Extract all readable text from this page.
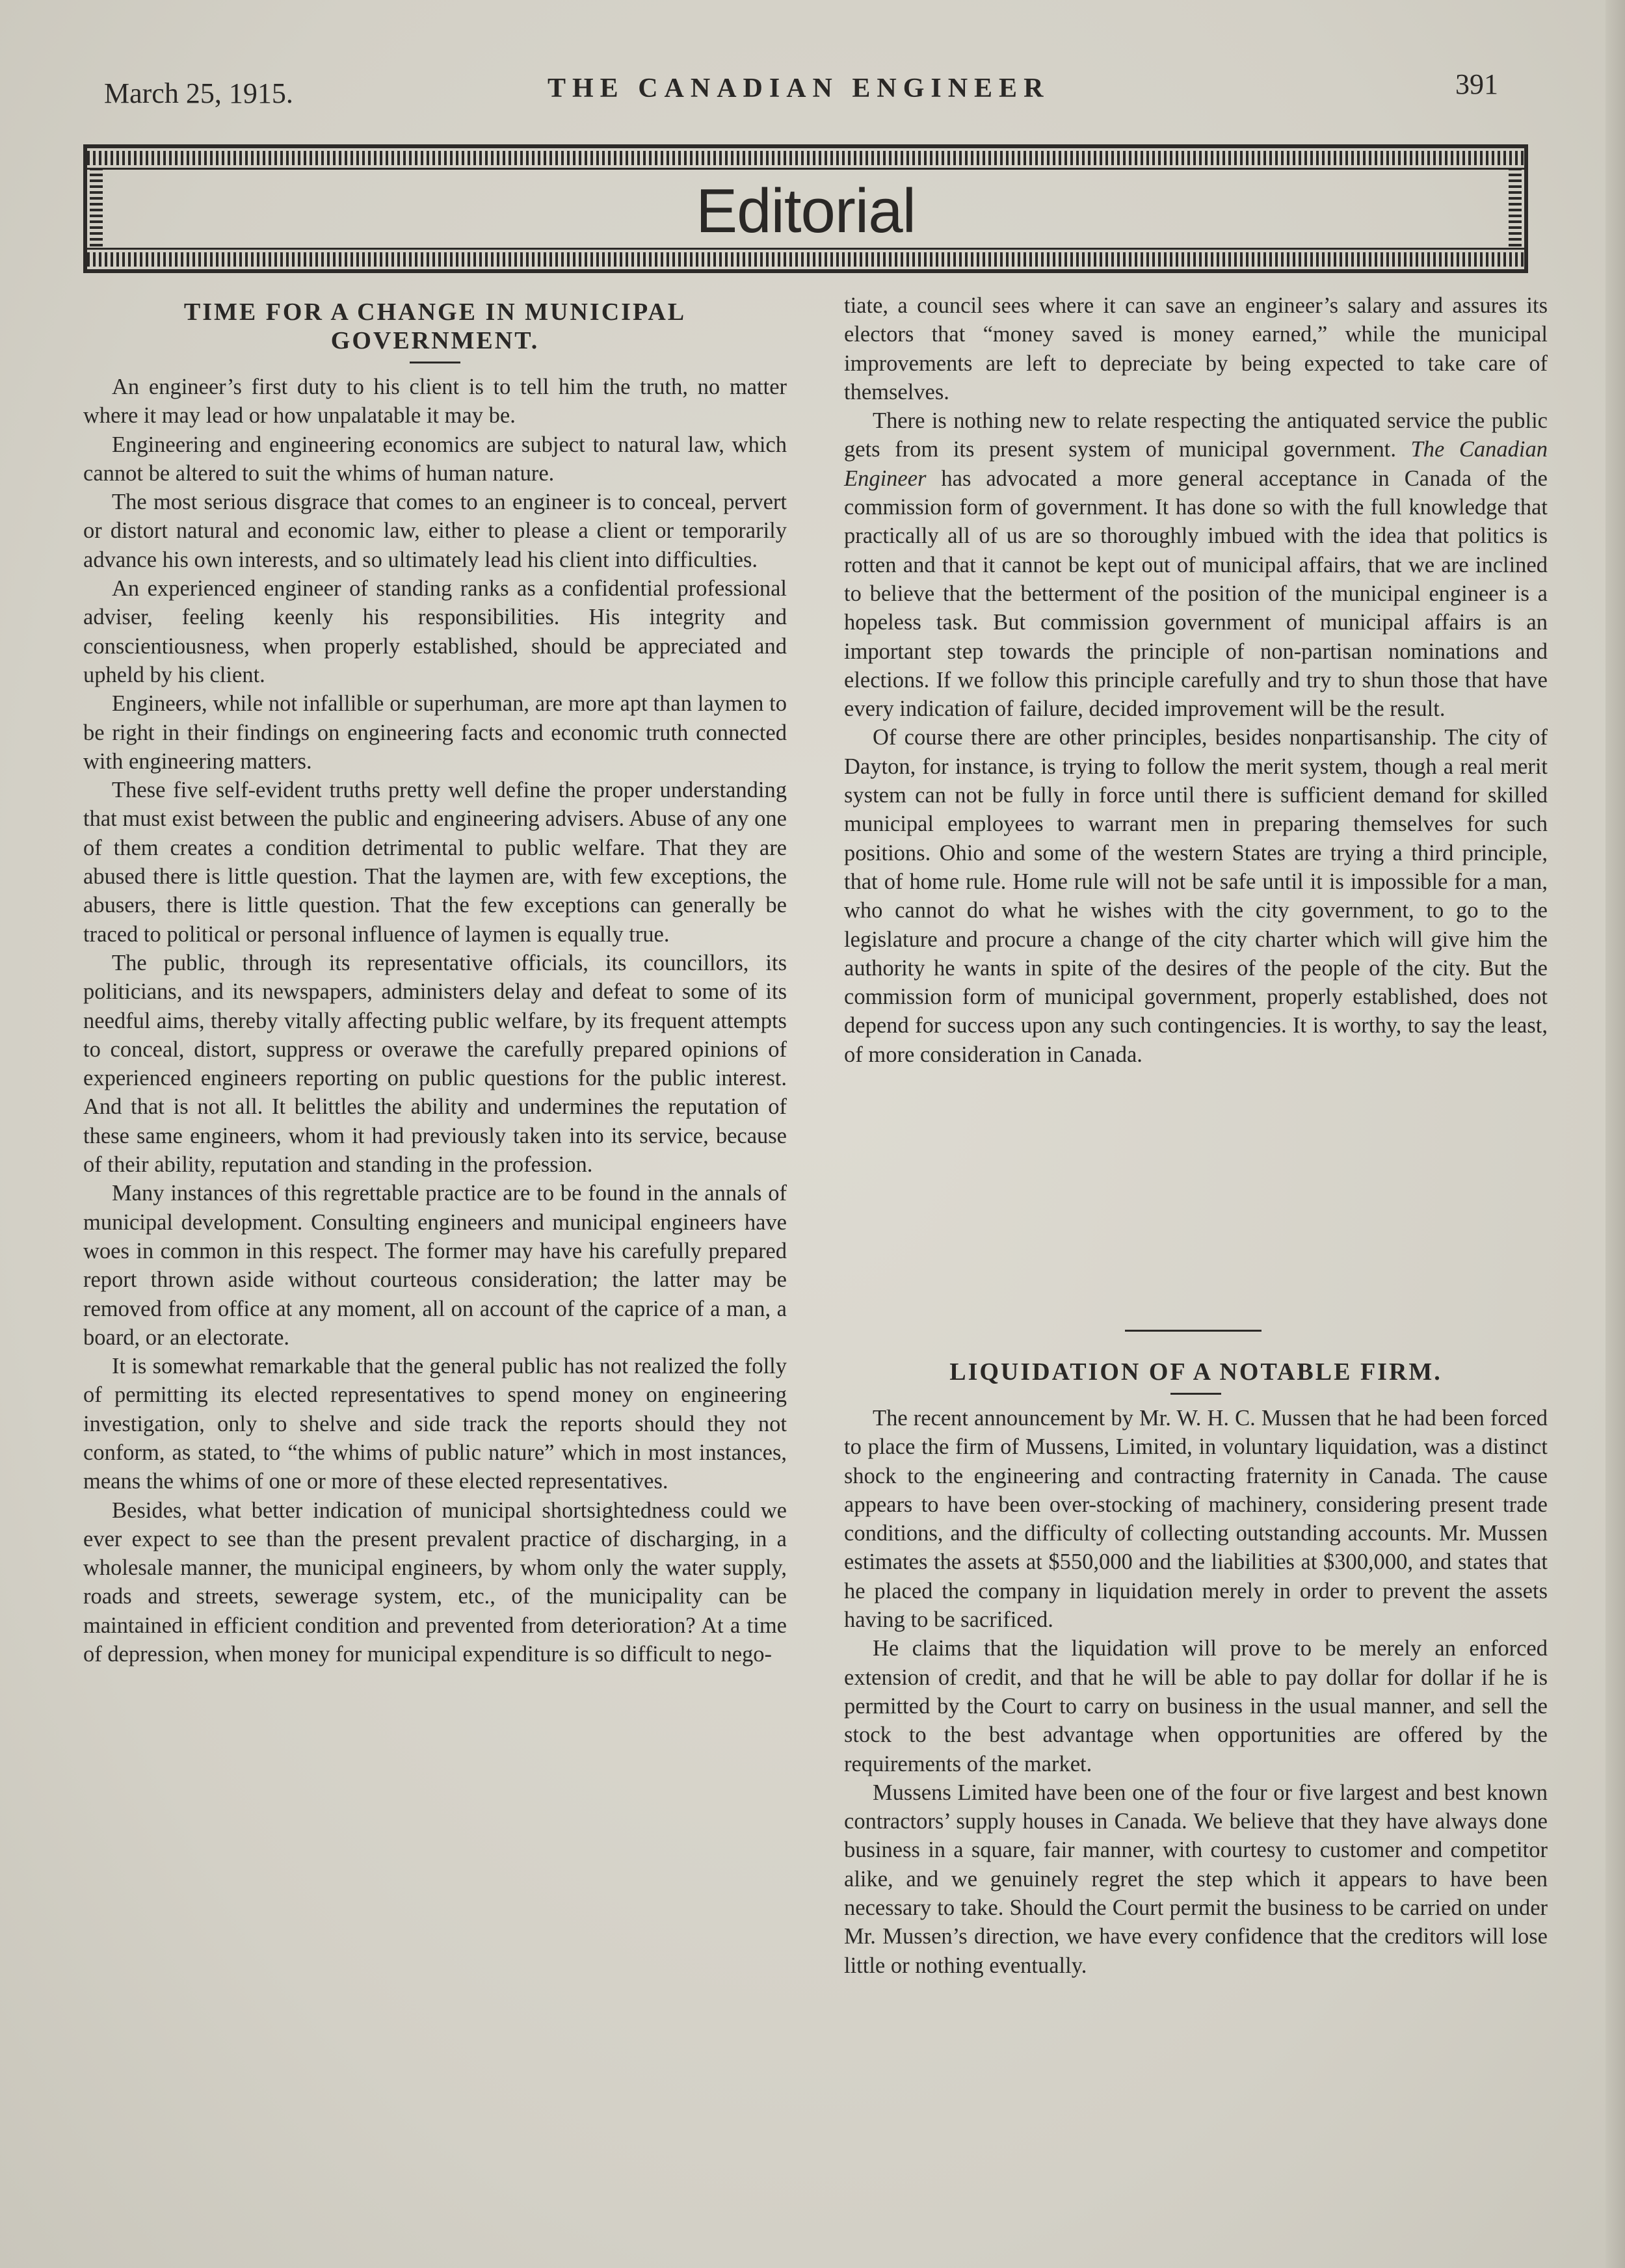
March 25, 1915.	THE CANADIAN ENGINEER	391
Editorial
TIME FOR A CHANGE IN MUNICIPAL GOVERNMENT.

An engineer’s first duty to his client is to tell him the truth, no matter where it may lead or how unpalatable it may be.

Engineering and engineering economics are subject to natural law, which cannot be altered to suit the whims of human nature.

The most serious disgrace that comes to an engineer is to conceal, pervert or distort natural and economic law, either to please a client or temporarily advance his own interests, and so ultimately lead his client into difficulties.

An experienced engineer of standing ranks as a confidential professional adviser, feeling keenly his responsibilities. His integrity and conscientiousness, when properly established, should be appreciated and upheld by his client.

Engineers, while not infallible or superhuman, are more apt than laymen to be right in their findings on engineering facts and economic truth connected with engineering matters.

These five self-evident truths pretty well define the proper understanding that must exist between the public and engineering advisers. Abuse of any one of them creates a condition detrimental to public welfare. That they are abused there is little question. That the laymen are, with few exceptions, the abusers, there is little question. That the few exceptions can generally be traced to political or personal influence of laymen is equally true.

The public, through its representative officials, its councillors, its politicians, and its newspapers, administers delay and defeat to some of its needful aims, thereby vitally affecting public welfare, by its frequent attempts to conceal, distort, suppress or overawe the carefully prepared opinions of experienced engineers reporting on public questions for the public interest. And that is not all. It belittles the ability and undermines the reputation of these same engineers, whom it had previously taken into its service, because of their ability, reputation and standing in the profession.

Many instances of this regrettable practice are to be found in the annals of municipal development. Consulting engineers and municipal engineers have woes in common in this respect. The former may have his carefully prepared report thrown aside without courteous consideration; the latter may be removed from office at any moment, all on account of the caprice of a man, a board, or an electorate.

It is somewhat remarkable that the general public has not realized the folly of permitting its elected representatives to spend money on engineering investigation, only to shelve and side track the reports should they not conform, as stated, to “the whims of public nature” which in most instances, means the whims of one or more of these elected representatives.

Besides, what better indication of municipal shortsightedness could we ever expect to see than the present prevalent practice of discharging, in a wholesale manner, the municipal engineers, by whom only the water supply, roads and streets, sewerage system, etc., of the municipality can be maintained in efficient condition and prevented from deterioration? At a time of depression, when money for municipal expenditure is so difficult to nego-

tiate, a council sees where it can save an engineer’s salary and assures its electors that “money saved is money earned,” while the municipal improvements are left to depreciate by being expected to take care of themselves.

There is nothing new to relate respecting the antiquated service the public gets from its present system of municipal government. The Canadian Engineer has advocated a more general acceptance in Canada of the commission form of government. It has done so with the full knowledge that practically all of us are so thoroughly imbued with the idea that politics is rotten and that it cannot be kept out of municipal affairs, that we are inclined to believe that the betterment of the position of the municipal engineer is a hopeless task. But commission government of municipal affairs is an important step towards the principle of non-partisan nominations and elections. If we follow this principle carefully and try to shun those that have every indication of failure, decided improvement will be the result.

Of course there are other principles, besides nonpartisanship. The city of Dayton, for instance, is trying to follow the merit system, though a real merit system can not be fully in force until there is sufficient demand for skilled municipal employees to warrant men in preparing themselves for such positions. Ohio and some of the western States are trying a third principle, that of home rule. Home rule will not be safe until it is impossible for a man, who cannot do what he wishes with the city government, to go to the legislature and procure a change of the city charter which will give him the authority he wants in spite of the desires of the people of the city. But the commission form of municipal government, properly established, does not depend for success upon any such contingencies. It is worthy, to say the least, of more consideration in Canada.

LIQUIDATION OF A NOTABLE FIRM.

The recent announcement by Mr. W. H. C. Mussen that he had been forced to place the firm of Mussens, Limited, in voluntary liquidation, was a distinct shock to the engineering and contracting fraternity in Canada. The cause appears to have been over-stocking of machinery, considering present trade conditions, and the difficulty of collecting outstanding accounts. Mr. Mussen estimates the assets at $550,000 and the liabilities at $300,000, and states that he placed the company in liquidation merely in order to prevent the assets having to be sacrificed.

He claims that the liquidation will prove to be merely an enforced extension of credit, and that he will be able to pay dollar for dollar if he is permitted by the Court to carry on business in the usual manner, and sell the stock to the best advantage when opportunities are offered by the requirements of the market.

Mussens Limited have been one of the four or five largest and best known contractors’ supply houses in Canada. We believe that they have always done business in a square, fair manner, with courtesy to customer and competitor alike, and we genuinely regret the step which it appears to have been necessary to take. Should the Court permit the business to be carried on under Mr. Mussen’s direction, we have every confidence that the creditors will lose little or nothing eventually.
